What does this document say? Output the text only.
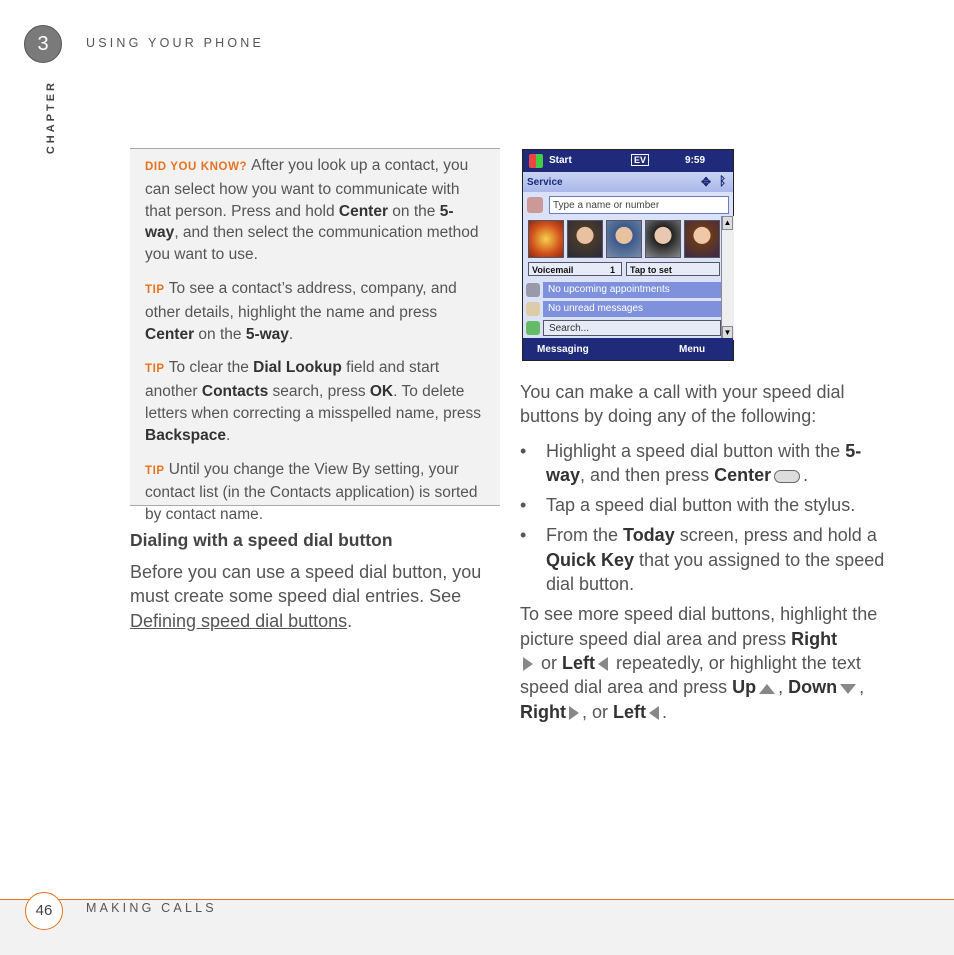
3	USING YOUR PHONE
CHAPTER

DID YOU KNOW? After you look up a contact, you can select how you want to communicate with that person. Press and hold Center on the 5-way, and then select the communication method you want to use.

TIP To see a contact’s address, company, and other details, highlight the name and press Center on the 5-way.

TIP To clear the Dial Lookup field and start another Contacts search, press OK. To delete letters when correcting a misspelled name, press Backspace.

TIP Until you change the View By setting, your contact list (in the Contacts application) is sorted by contact name.

Dialing with a speed dial button

Before you can use a speed dial button, you must create some speed dial entries. See Defining speed dial buttons.

Start	EV	9:59
Service	✥ ᛒ
Type a name or number
Voicemail	1	Tap to set
No upcoming appointments
No unread messages
Search...
▲
▼
Messaging	Menu

You can make a call with your speed dial buttons by doing any of the following:

• Highlight a speed dial button with the 5-way, and then press Center .
• Tap a speed dial button with the stylus.
• From the Today screen, press and hold a Quick Key that you assigned to the speed dial button.

To see more speed dial buttons, highlight the picture speed dial area and press Right
or Left repeatedly, or highlight the text speed dial area and press Up , Down ,
Right , or Left .

46	MAKING CALLS
